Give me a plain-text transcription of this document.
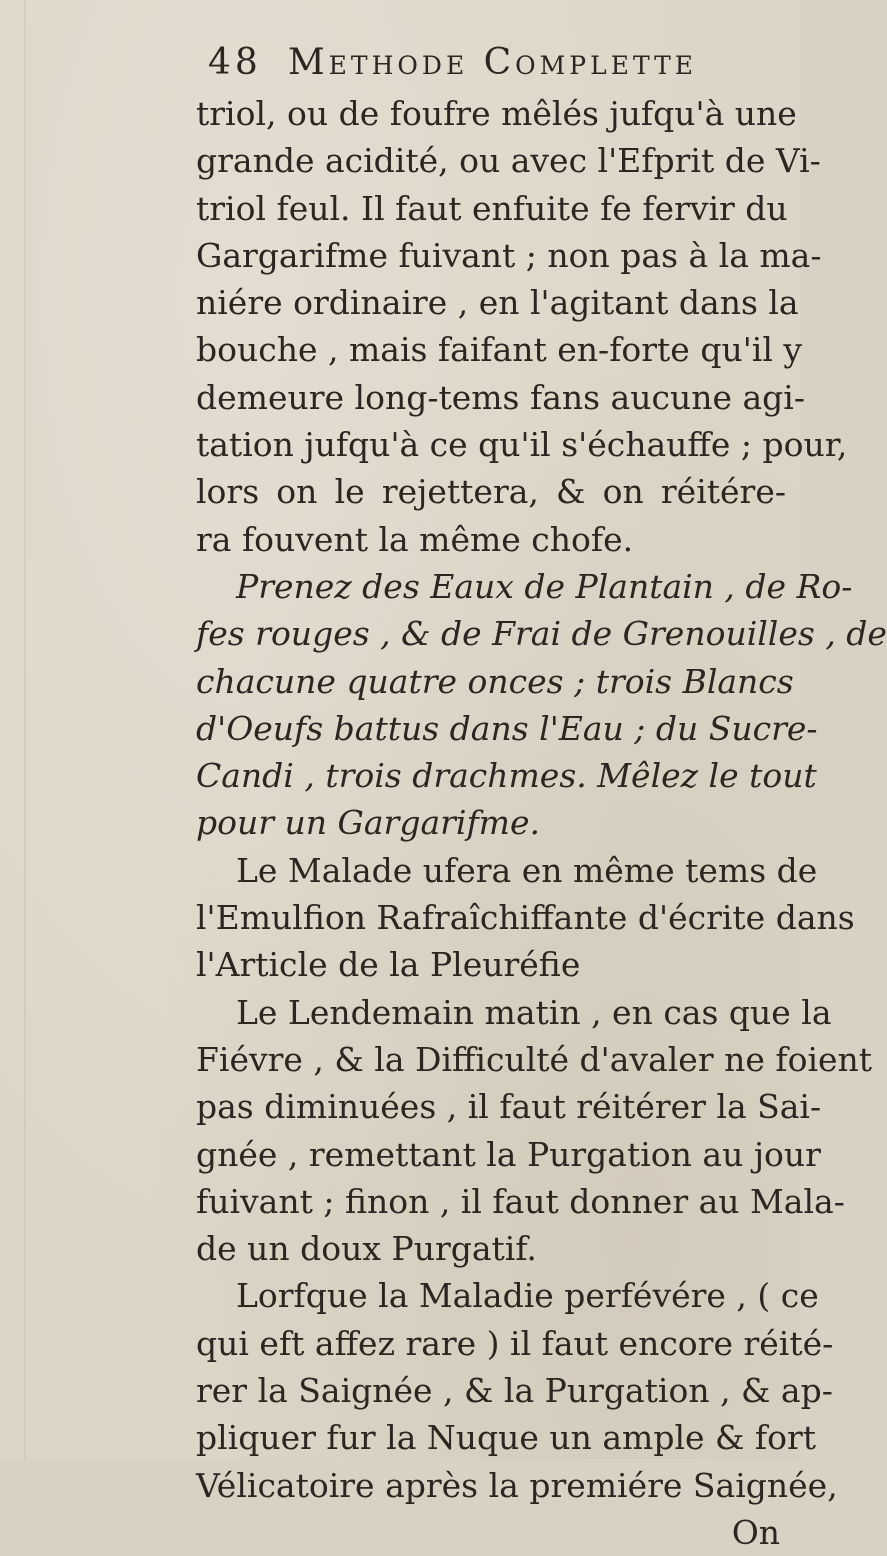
48 Methode Complette
triol, ou de foufre mêlés jufqu'à une
grande acidité, ou avec l'Efprit de Vi-
triol feul. Il faut enfuite fe fervir du
Gargarifme fuivant ; non pas à la ma-
niére ordinaire , en l'agitant dans la
bouche , mais faifant en-forte qu'il y
demeure long-tems fans aucune agi-
tation jufqu'à ce qu'il s'échauffe ; pour,
lors on le rejettera, & on réitére-
ra fouvent la même chofe.
Prenez des Eaux de Plantain , de Ro-
fes rouges , & de Frai de Grenouilles , de
chacune quatre onces ; trois Blancs
d'Oeufs battus dans l'Eau ; du Sucre-
Candi , trois drachmes. Mêlez le tout
pour un Gargarifme.
Le Malade ufera en même tems de
l'Emulfion Rafraîchiffante d'écrite dans
l'Article de la Pleuréfie
Le Lendemain matin , en cas que la
Fiévre , & la Difficulté d'avaler ne foient
pas diminuées , il faut réitérer la Sai-
gnée , remettant la Purgation au jour
fuivant ; finon , il faut donner au Mala-
de un doux Purgatif.
Lorfque la Maladie perfévére , ( ce
qui eft affez rare ) il faut encore réité-
rer la Saignée , & la Purgation , & ap-
pliquer fur la Nuque un ample & fort
Vélicatoire après la premiére Saignée,
On
